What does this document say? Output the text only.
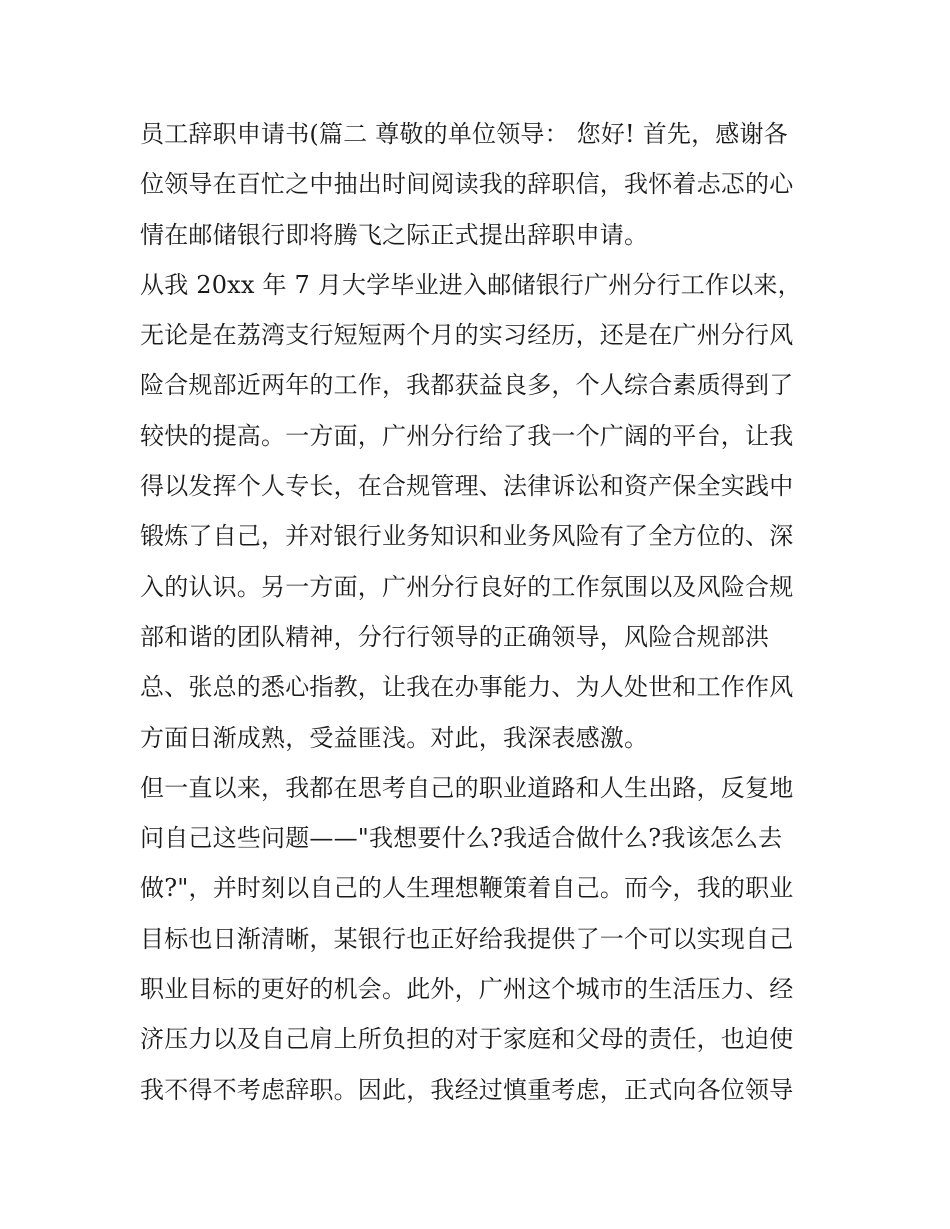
员工辞职申请书(篇二 尊敬的单位领导： 您好! 首先，感谢各
位领导在百忙之中抽出时间阅读我的辞职信，我怀着忐忑的心
情在邮储银行即将腾飞之际正式提出辞职申请。
从我 20xx 年 7 月大学毕业进入邮储银行广州分行工作以来，
无论是在荔湾支行短短两个月的实习经历，还是在广州分行风
险合规部近两年的工作，我都获益良多，个人综合素质得到了
较快的提高。一方面，广州分行给了我一个广阔的平台，让我
得以发挥个人专长，在合规管理、法律诉讼和资产保全实践中
锻炼了自己，并对银行业务知识和业务风险有了全方位的、深
入的认识。另一方面，广州分行良好的工作氛围以及风险合规
部和谐的团队精神，分行行领导的正确领导，风险合规部洪
总、张总的悉心指教，让我在办事能力、为人处世和工作作风
方面日渐成熟，受益匪浅。对此，我深表感激。
但一直以来，我都在思考自己的职业道路和人生出路，反复地
问自己这些问题——"我想要什么?我适合做什么?我该怎么去
做?"，并时刻以自己的人生理想鞭策着自己。而今，我的职业
目标也日渐清晰，某银行也正好给我提供了一个可以实现自己
职业目标的更好的机会。此外，广州这个城市的生活压力、经
济压力以及自己肩上所负担的对于家庭和父母的责任，也迫使
我不得不考虑辞职。因此，我经过慎重考虑，正式向各位领导
